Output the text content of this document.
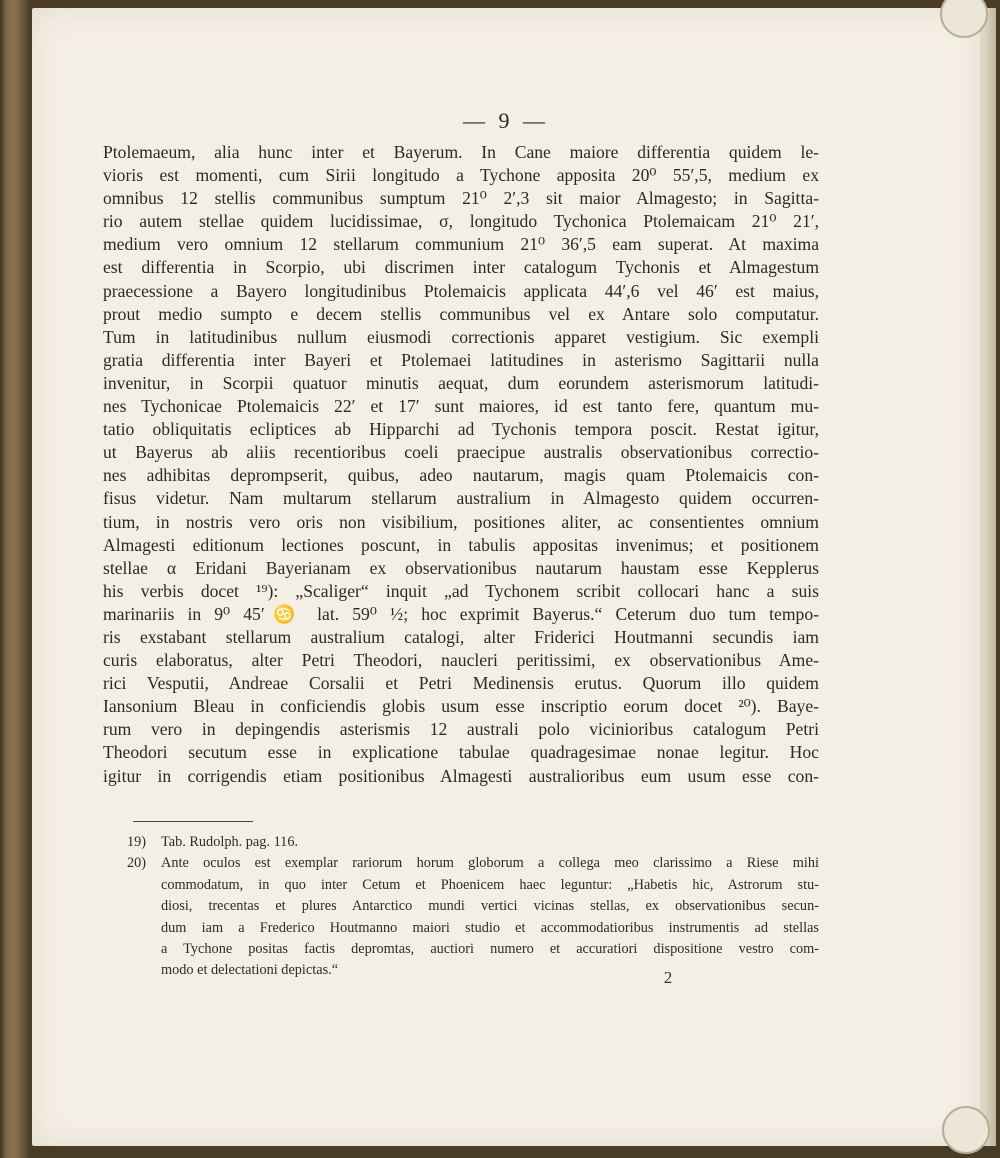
— 9 —
Ptolemaeum, alia hunc inter et Bayerum. In Cane maiore differentia quidem le-
vioris est momenti, cum Sirii longitudo a Tychone apposita 20⁰ 55′,5, medium ex
omnibus 12 stellis communibus sumptum 21⁰ 2′,3 sit maior Almagesto; in Sagitta-
rio autem stellae quidem lucidissimae, σ, longitudo Tychonica Ptolemaicam 21⁰ 21′,
medium vero omnium 12 stellarum communium 21⁰ 36′,5 eam superat. At maxima
est differentia in Scorpio, ubi discrimen inter catalogum Tychonis et Almagestum
praecessione a Bayero longitudinibus Ptolemaicis applicata 44′,6 vel 46′ est maius,
prout medio sumpto e decem stellis communibus vel ex Antare solo computatur.
Tum in latitudinibus nullum eiusmodi correctionis apparet vestigium. Sic exempli
gratia differentia inter Bayeri et Ptolemaei latitudines in asterismo Sagittarii nulla
invenitur, in Scorpii quatuor minutis aequat, dum eorundem asterismorum latitudi-
nes Tychonicae Ptolemaicis 22′ et 17′ sunt maiores, id est tanto fere, quantum mu-
tatio obliquitatis ecliptices ab Hipparchi ad Tychonis tempora poscit. Restat igitur,
ut Bayerus ab aliis recentioribus coeli praecipue australis observationibus correctio-
nes adhibitas deprompserit, quibus, adeo nautarum, magis quam Ptolemaicis con-
fisus videtur. Nam multarum stellarum australium in Almagesto quidem occurren-
tium, in nostris vero oris non visibilium, positiones aliter, ac consentientes omnium
Almagesti editionum lectiones poscunt, in tabulis appositas invenimus; et positionem
stellae α Eridani Bayerianam ex observationibus nautarum haustam esse Kepplerus
his verbis docet ¹⁹): „Scaliger“ inquit „ad Tychonem scribit collocari hanc a suis
marinariis in 9⁰ 45′♋ lat. 59⁰ ½; hoc exprimit Bayerus.“ Ceterum duo tum tempo-
ris exstabant stellarum australium catalogi, alter Friderici Houtmanni secundis iam
curis elaboratus, alter Petri Theodori, naucleri peritissimi, ex observationibus Ame-
rici Vesputii, Andreae Corsalii et Petri Medinensis erutus. Quorum illo quidem
Iansonium Bleau in conficiendis globis usum esse inscriptio eorum docet ²⁰). Baye-
rum vero in depingendis asterismis 12 australi polo vicinioribus catalogum Petri
Theodori secutum esse in explicatione tabulae quadragesimae nonae legitur. Hoc
igitur in corrigendis etiam positionibus Almagesti australioribus eum usum esse con-
19)	Tab. Rudolph. pag. 116.
20)	Ante oculos est exemplar rariorum horum globorum a collega meo clarissimo a Riese mihi
commodatum, in quo inter Cetum et Phoenicem haec leguntur: „Habetis hic, Astrorum stu-
diosi, trecentas et plures Antarctico mundi vertici vicinas stellas, ex observationibus secun-
dum iam a Frederico Houtmanno maiori studio et accommodatioribus instrumentis ad stellas
a Tychone positas factis depromtas, auctiori numero et accuratiori dispositione vestro com-
modo et delectationi depictas.“	2
